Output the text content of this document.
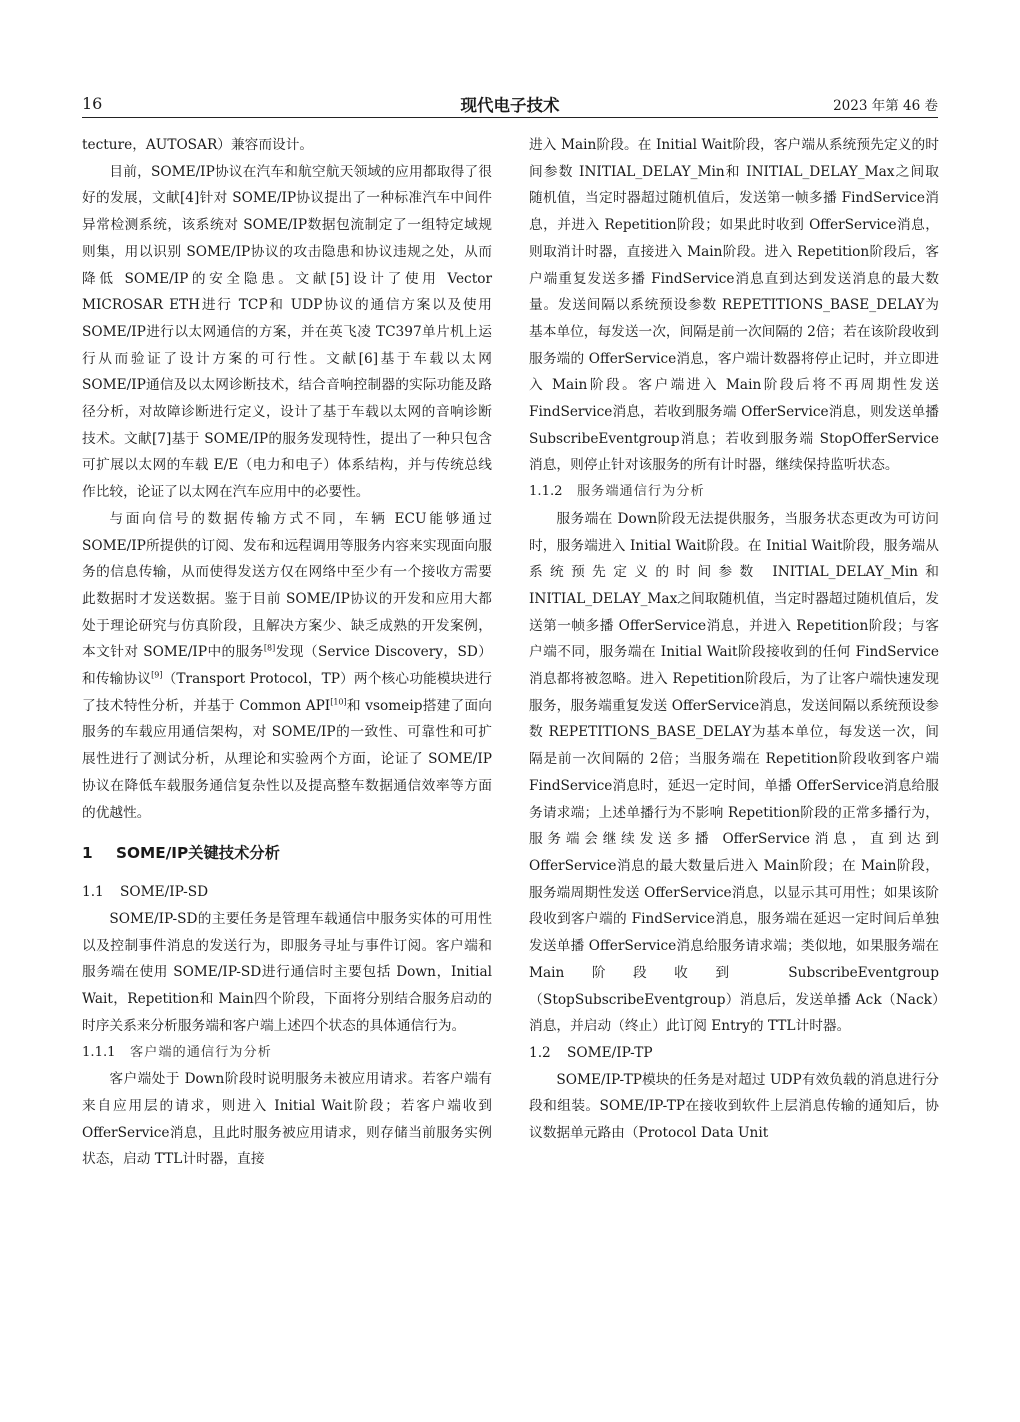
16	现代电子技术	2023 年第 46 卷

tecture，AUTOSAR）兼容而设计。

目前，SOME/IP协议在汽车和航空航天领域的应用都取得了很好的发展，文献[4]针对 SOME/IP协议提出了一种标准汽车中间件异常检测系统，该系统对 SOME/IP数据包流制定了一组特定域规则集，用以识别 SOME/IP协议的攻击隐患和协议违规之处，从而降低 SOME/IP的安全隐患。文献[5]设计了使用 Vector MICROSAR ETH进行 TCP和 UDP协议的通信方案以及使用 SOME/IP进行以太网通信的方案，并在英飞凌 TC397单片机上运行从而验证了设计方案的可行性。文献[6]基于车载以太网 SOME/IP通信及以太网诊断技术，结合音响控制器的实际功能及路径分析，对故障诊断进行定义，设计了基于车载以太网的音响诊断技术。文献[7]基于 SOME/IP的服务发现特性，提出了一种只包含可扩展以太网的车载 E/E（电力和电子）体系结构，并与传统总线作比较，论证了以太网在汽车应用中的必要性。

与面向信号的数据传输方式不同，车辆 ECU能够通过 SOME/IP所提供的订阅、发布和远程调用等服务内容来实现面向服务的信息传输，从而使得发送方仅在网络中至少有一个接收方需要此数据时才发送数据。鉴于目前 SOME/IP协议的开发和应用大都处于理论研究与仿真阶段，且解决方案少、缺乏成熟的开发案例，本文针对 SOME/IP中的服务[8]发现（Service Discovery，SD）和传输协议[9]（Transport Protocol，TP）两个核心功能模块进行了技术特性分析，并基于 Common API[10]和 vsomeip搭建了面向服务的车载应用通信架构，对 SOME/IP的一致性、可靠性和可扩展性进行了测试分析，从理论和实验两个方面，论证了 SOME/IP协议在降低车载服务通信复杂性以及提高整车数据通信效率等方面的优越性。

1 SOME/IP关键技术分析
1.1 SOME/IP-SD

SOME/IP-SD的主要任务是管理车载通信中服务实体的可用性以及控制事件消息的发送行为，即服务寻址与事件订阅。客户端和服务端在使用 SOME/IP-SD进行通信时主要包括 Down，Initial Wait，Repetition和 Main四个阶段，下面将分别结合服务启动的时序关系来分析服务端和客户端上述四个状态的具体通信行为。

1.1.1 客户端的通信行为分析

客户端处于 Down阶段时说明服务未被应用请求。若客户端有来自应用层的请求，则进入 Initial Wait阶段；若客户端收到 OfferService消息，且此时服务被应用请求，则存储当前服务实例状态，启动 TTL计时器，直接

进入 Main阶段。在 Initial Wait阶段，客户端从系统预先定义的时间参数 INITIAL_DELAY_Min和 INITIAL_DELAY_Max之间取随机值，当定时器超过随机值后，发送第一帧多播 FindService消息，并进入 Repetition阶段；如果此时收到 OfferService消息，则取消计时器，直接进入 Main阶段。进入 Repetition阶段后，客户端重复发送多播 FindService消息直到达到发送消息的最大数量。发送间隔以系统预设参数 REPETITIONS_BASE_DELAY为基本单位，每发送一次，间隔是前一次间隔的 2倍；若在该阶段收到服务端的 OfferService消息，客户端计数器将停止记时，并立即进入 Main阶段。客户端进入 Main阶段后将不再周期性发送 FindService消息，若收到服务端 OfferService消息，则发送单播 SubscribeEventgroup消息；若收到服务端 StopOfferService消息，则停止针对该服务的所有计时器，继续保持监听状态。

1.1.2 服务端通信行为分析

服务端在 Down阶段无法提供服务，当服务状态更改为可访问时，服务端进入 Initial Wait阶段。在 Initial Wait阶段，服务端从系统预先定义的时间参数 INITIAL_DELAY_Min和 INITIAL_DELAY_Max之间取随机值，当定时器超过随机值后，发送第一帧多播 OfferService消息，并进入 Repetition阶段；与客户端不同，服务端在 Initial Wait阶段接收到的任何 FindService消息都将被忽略。进入 Repetition阶段后，为了让客户端快速发现服务，服务端重复发送 OfferService消息，发送间隔以系统预设参数 REPETITIONS_BASE_DELAY为基本单位，每发送一次，间隔是前一次间隔的 2倍；当服务端在 Repetition阶段收到客户端 FindService消息时，延迟一定时间，单播 OfferService消息给服务请求端；上述单播行为不影响 Repetition阶段的正常多播行为，服务端会继续发送多播 OfferService消息，直到达到 OfferService消息的最大数量后进入 Main阶段；在 Main阶段，服务端周期性发送 OfferService消息，以显示其可用性；如果该阶段收到客户端的 FindService消息，服务端在延迟一定时间后单独发送单播 OfferService消息给服务请求端；类似地，如果服务端在 Main阶段收到 SubscribeEventgroup（StopSubscribeEventgroup）消息后，发送单播 Ack（Nack）消息，并启动（终止）此订阅 Entry的 TTL计时器。

1.2 SOME/IP-TP

SOME/IP-TP模块的任务是对超过 UDP有效负载的消息进行分段和组装。SOME/IP-TP在接收到软件上层消息传输的通知后，协议数据单元路由（Protocol Data Unit
